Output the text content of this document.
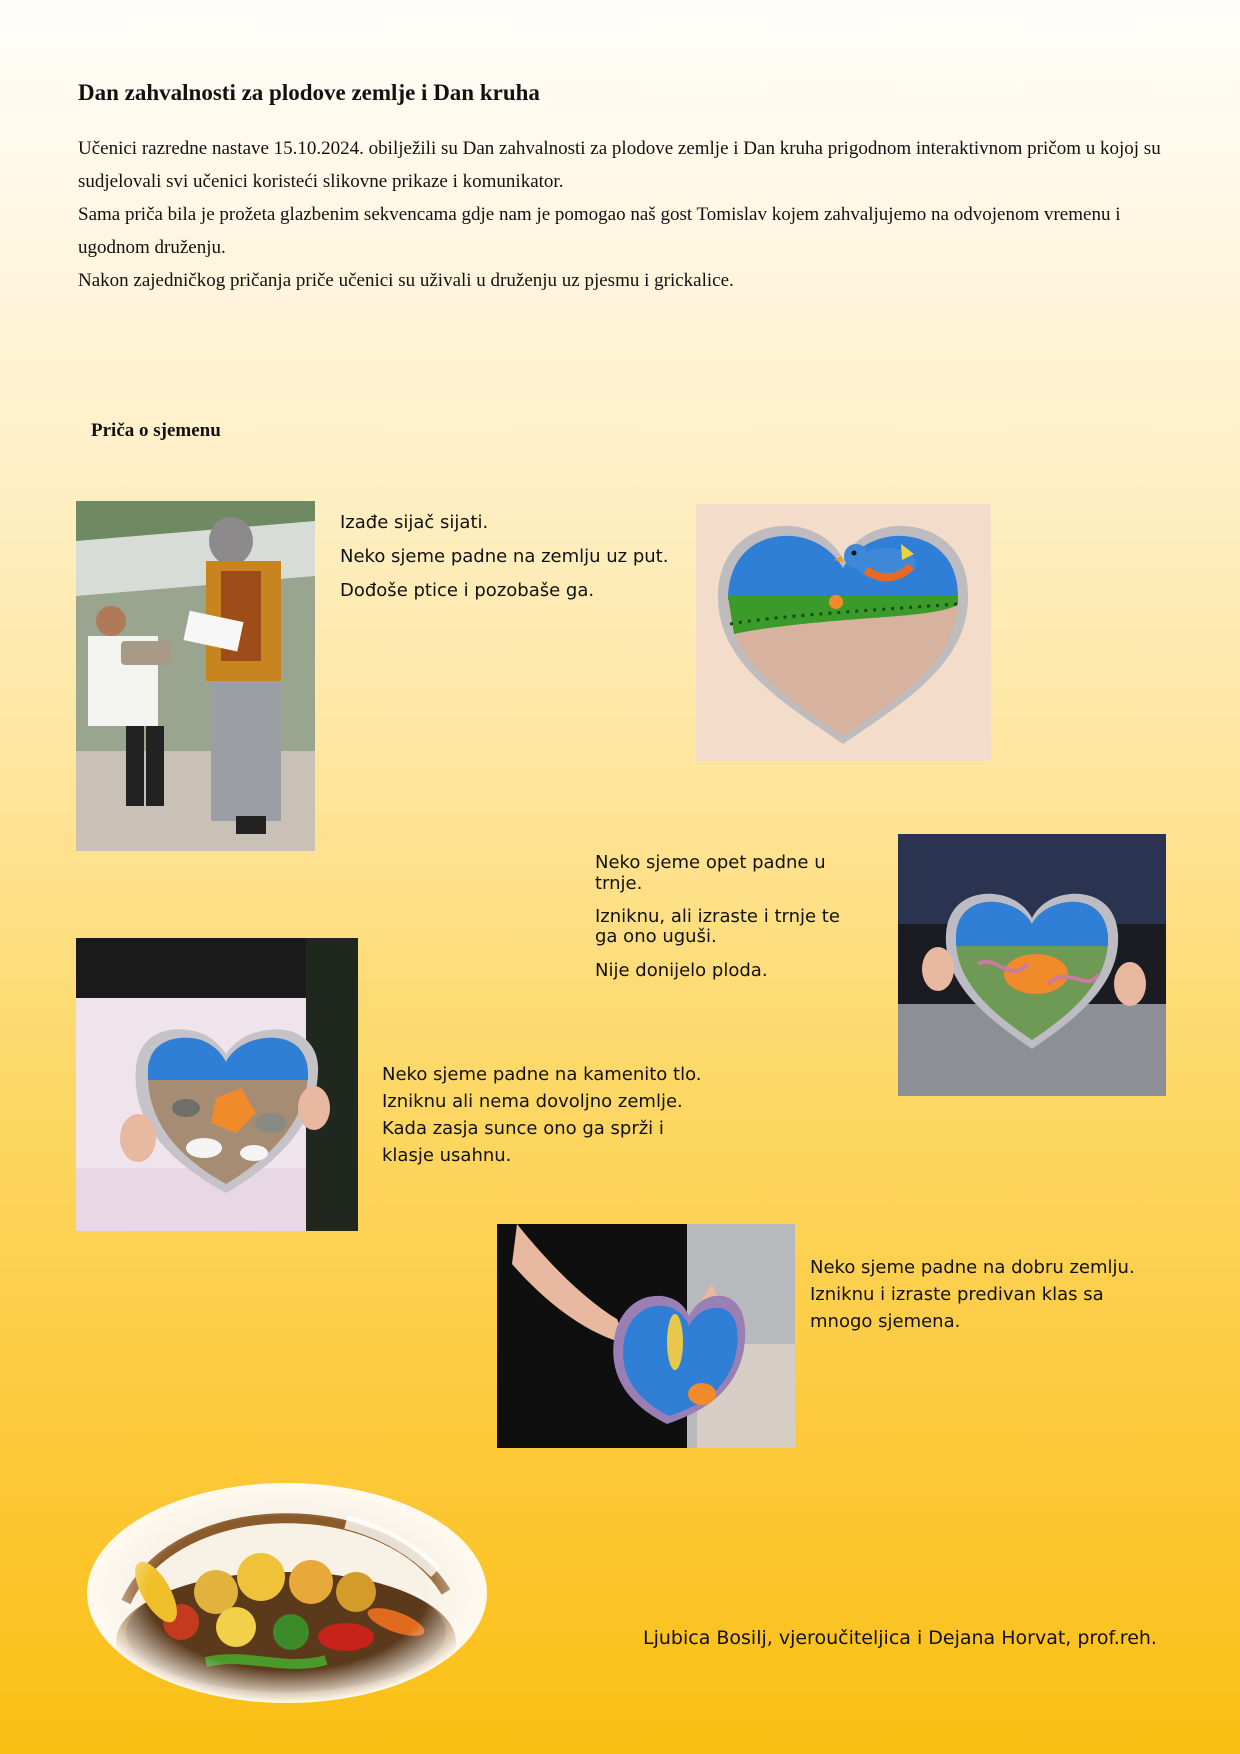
Dan zahvalnosti za plodove zemlje i Dan kruha

Učenici razredne nastave 15.10.2024. obilježili su Dan zahvalnosti za plodove zemlje i Dan kruha prigodnom interaktivnom pričom u kojoj su sudjelovali svi učenici koristeći slikovne prikaze i komunikator.

Sama priča bila je prožeta glazbenim sekvencama gdje nam je pomogao naš gost Tomislav kojem zahvaljujemo na odvojenom vremenu i ugodnom druženju.

Nakon zajedničkog pričanja priče učenici su uživali u druženju uz pjesmu i grickalice.

Priča o sjemenu

Izađe sijač sijati.

Neko sjeme padne na zemlju uz put.

Dođoše ptice i pozobaše ga.

Neko sjeme opet padne u trnje.

Izniknu, ali izraste i trnje te ga ono uguši.

Nije donijelo ploda.

Neko sjeme padne na kamenito tlo.

Izniknu ali nema dovoljno zemlje.

Kada zasja sunce ono ga sprži i klasje usahnu.

Neko sjeme padne na dobru zemlju.

Izniknu i izraste predivan klas sa mnogo sjemena.

Ljubica Bosilj, vjeroučiteljica i Dejana Horvat, prof.reh.
